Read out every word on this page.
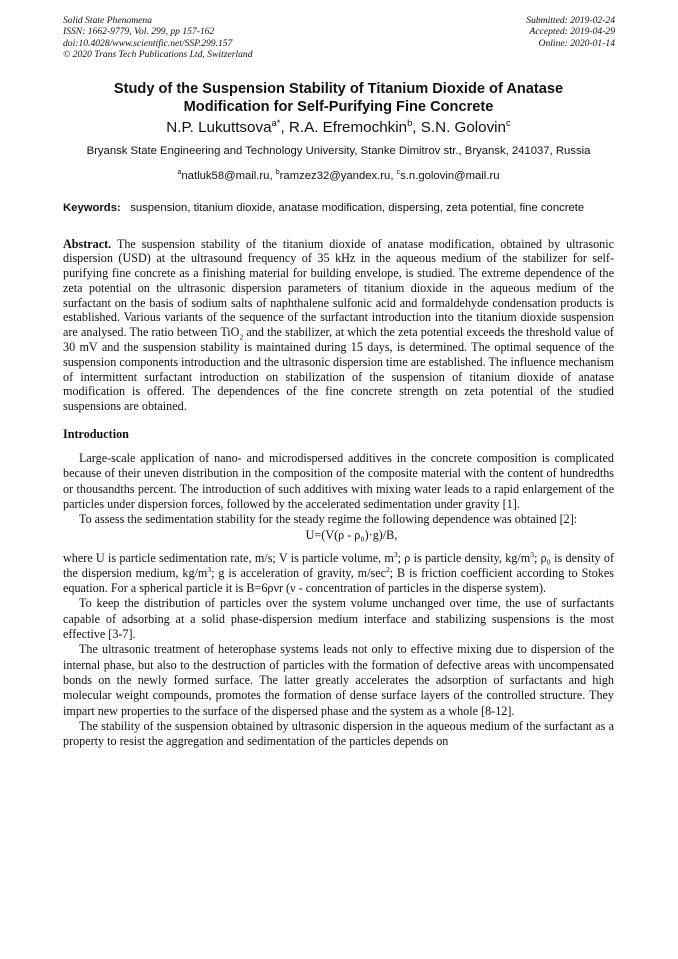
Solid State Phenomena
ISSN: 1662-9779, Vol. 299, pp 157-162
doi:10.4028/www.scientific.net/SSP.299.157
© 2020 Trans Tech Publications Ltd, Switzerland
Submitted: 2019-02-24
Accepted: 2019-04-29
Online: 2020-01-14
Study of the Suspension Stability of Titanium Dioxide of Anatase
Modification for Self-Purifying Fine Concrete
N.P. Lukuttsova$^{a*}$, R.A. Efremochkin$^b$, S.N. Golovin$^c$
Bryansk State Engineering and Technology University, Stanke Dimitrov str., Bryansk, 241037, Russia
$^a$natluk58@mail.ru, $^b$ramzez32@yandex.ru, $^c$s.n.golovin@mail.ru
Keywords: suspension, titanium dioxide, anatase modification, dispersing, zeta potential, fine concrete
Abstract. The suspension stability of the titanium dioxide of anatase modification, obtained by ultrasonic dispersion (USD) at the ultrasound frequency of 35 kHz in the aqueous medium of the stabilizer for self-purifying fine concrete as a finishing material for building envelope, is studied. The extreme dependence of the zeta potential on the ultrasonic dispersion parameters of titanium dioxide in the aqueous medium of the surfactant on the basis of sodium salts of naphthalene sulfonic acid and formaldehyde condensation products is established. Various variants of the sequence of the surfactant introduction into the titanium dioxide suspension are analysed. The ratio between TiO$_2$ and the stabilizer, at which the zeta potential exceeds the threshold value of 30 mV and the suspension stability is maintained during 15 days, is determined. The optimal sequence of the suspension components introduction and the ultrasonic dispersion time are established. The influence mechanism of intermittent surfactant introduction on stabilization of the suspension of titanium dioxide of anatase modification is offered. The dependences of the fine concrete strength on zeta potential of the studied suspensions are obtained.
Introduction

Large-scale application of nano- and microdispersed additives in the concrete composition is complicated because of their uneven distribution in the composition of the composite material with the content of hundredths or thousandths percent. The introduction of such additives with mixing water leads to a rapid enlargement of the particles under dispersion forces, followed by the accelerated sedimentation under gravity [1].

To assess the sedimentation stability for the steady regime the following dependence was obtained [2]:

U=(V(ρ - ρ₀)·g)/B,

where U is particle sedimentation rate, m/s; V is particle volume, $m^3$; ρ is particle density, $kg/m^3$; ρ₀ is density of the dispersion medium, $kg/m^3$; g is acceleration of gravity, $m/\sec^2$; B is friction coefficient according to Stokes equation. For a spherical particle it is B=6ρνr (ν - concentration of particles in the disperse system).

To keep the distribution of particles over the system volume unchanged over time, the use of surfactants capable of adsorbing at a solid phase-dispersion medium interface and stabilizing suspensions is the most effective [3-7].

The ultrasonic treatment of heterophase systems leads not only to effective mixing due to dispersion of the internal phase, but also to the destruction of particles with the formation of defective areas with uncompensated bonds on the newly formed surface. The latter greatly accelerates the adsorption of surfactants and high molecular weight compounds, promotes the formation of dense surface layers of the controlled structure. They impart new properties to the surface of the dispersed phase and the system as a whole [8-12].

The stability of the suspension obtained by ultrasonic dispersion in the aqueous medium of the surfactant as a property to resist the aggregation and sedimentation of the particles depends on
